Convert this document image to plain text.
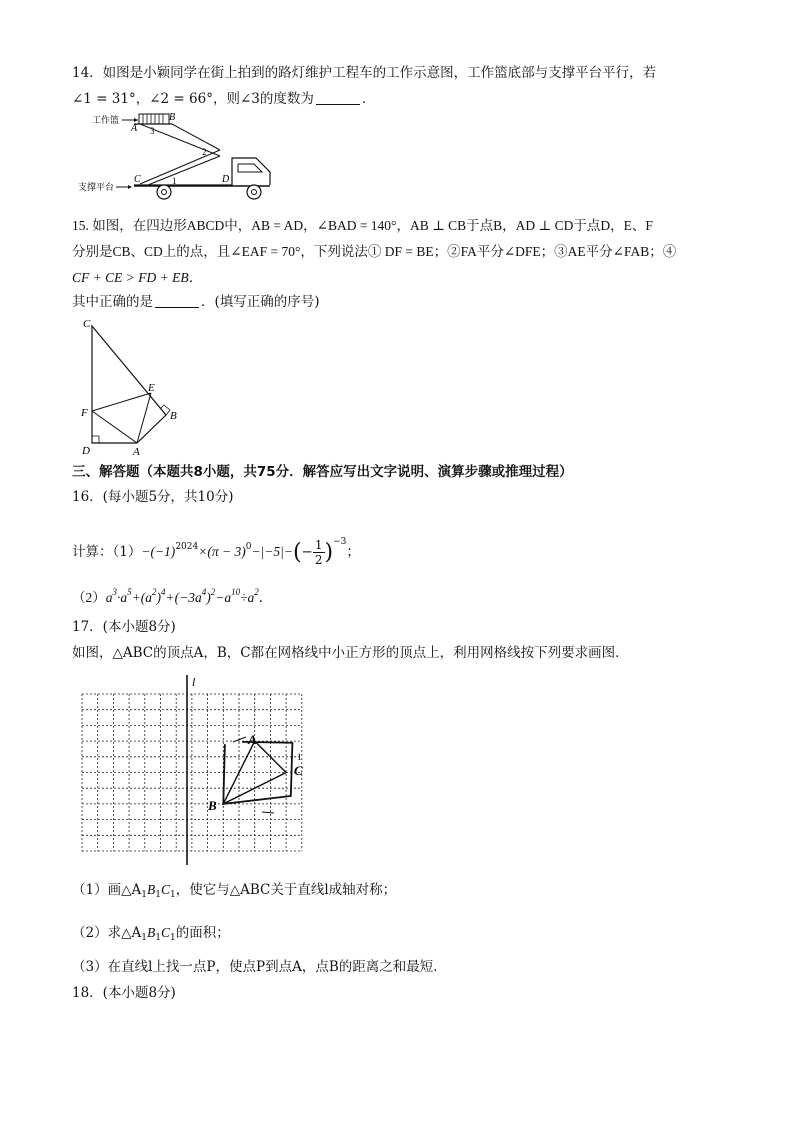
14．如图是小颖同学在街上拍到的路灯维护工程车的工作示意图，工作篮底部与支撑平台平行，若
∠1 = 31°，∠2 = 66°，则∠3的度数为	．
工作篮
A
B
3
2
1
支撑平台
C	D
15. 如图，在四边形ABCD中，AB = AD，∠BAD = 140°，AB ⊥ CB于点B，AD ⊥ CD于点D，E、F
分别是CB、CD上的点，且∠EAF = 70°，下列说法① DF = BE；②FA平分∠DFE；③AE平分∠FAB；④
CF + CE > FD + EB．
其中正确的是	．(填写正确的序号)
C
F
D	A
E
B
三、解答题（本题共8小题，共75分．解答应写出文字说明、演算步骤或推理过程）
16．(每小题5分，共10分)
计算：$(1)-(-1)^{2024}\times(\pi - 3)^0-|-5|-(- \frac{1}{2} )^{-3}$；
$(2)a^3\cdot a^5+(a^2)^4+(-3a^4)^2-a^{10}\div a^2$．
17．(本小题8分)
如图，△ABC的顶点A，B，C都在网格线中小正方形的顶点上，利用网格线按下列要求画图．
l
A
B
C
1
（1）画$\triangle A_1B_1C_1$，使它与△ABC关于直线l成轴对称；
（2）求$\triangle A_1B_1C_1$的面积；
（3）在直线l上找一点P，使点P到点A，点B的距离之和最短．
18．(本小题8分)
